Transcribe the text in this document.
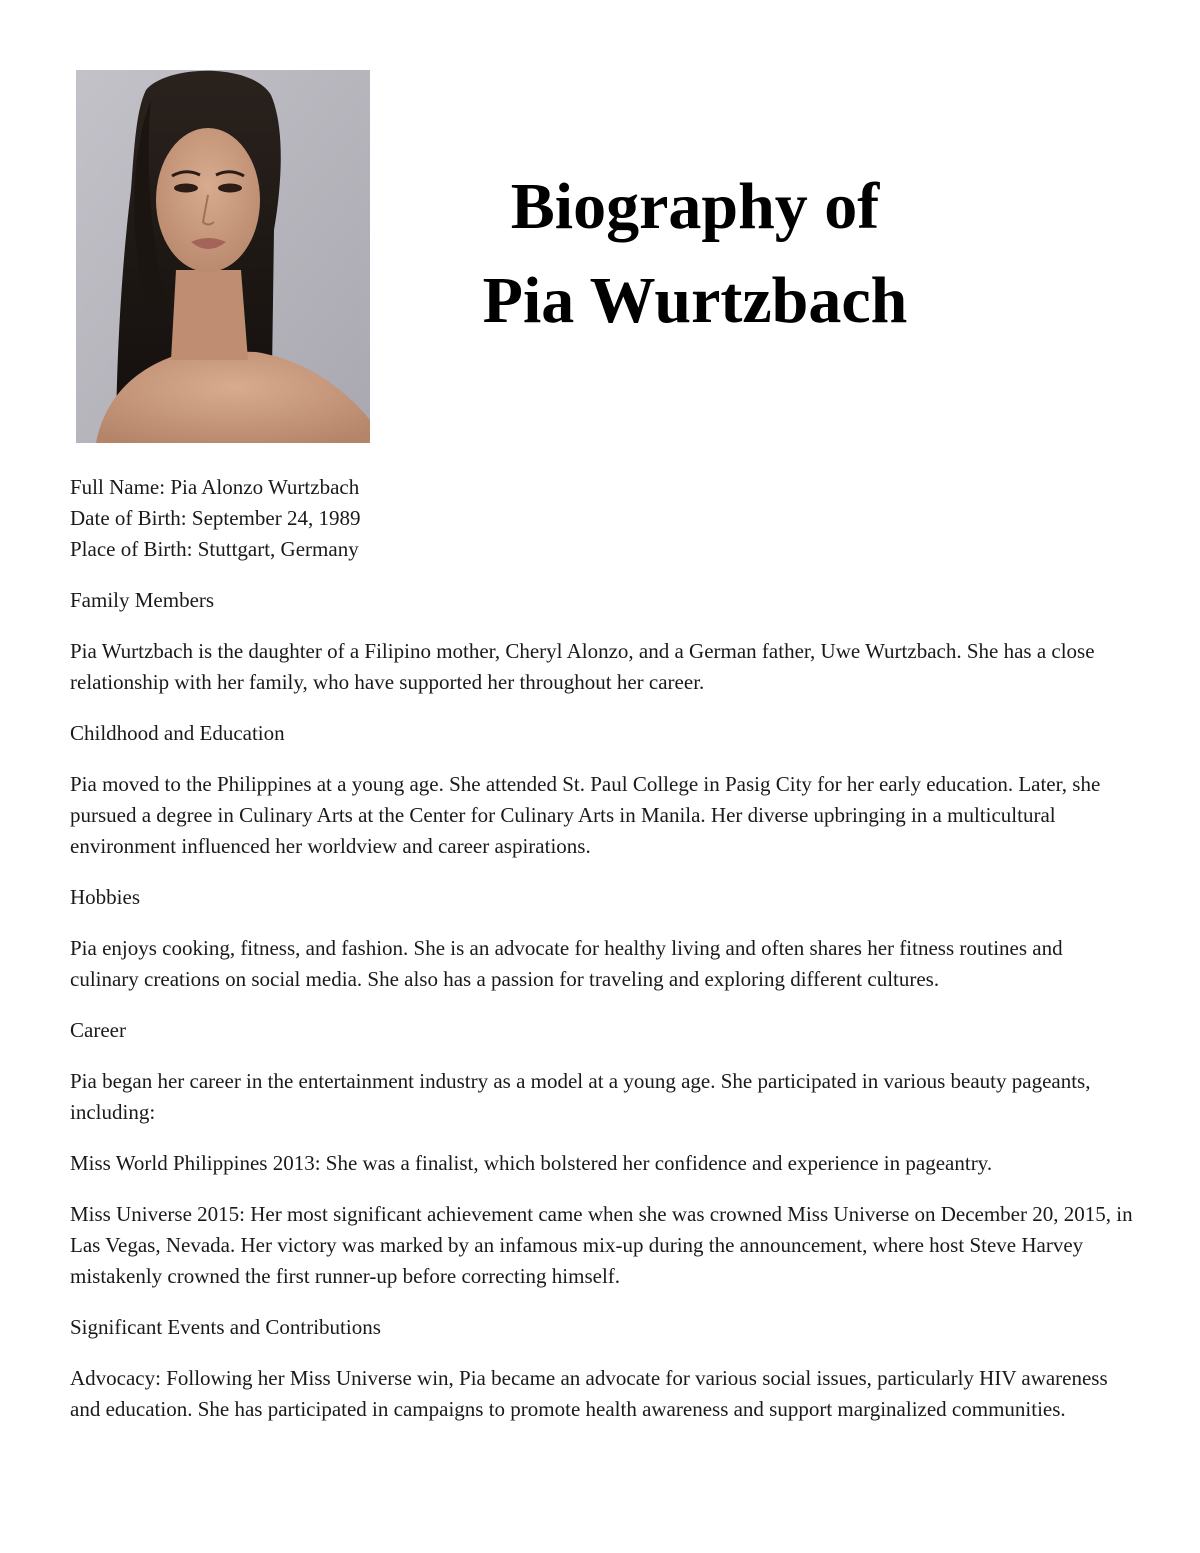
Biography of
Pia Wurtzbach

Full Name: Pia Alonzo Wurtzbach

Date of Birth: September 24, 1989

Place of Birth: Stuttgart, Germany

Family Members

Pia Wurtzbach is the daughter of a Filipino mother, Cheryl Alonzo, and a German father, Uwe Wurtzbach. She has a close relationship with her family, who have supported her throughout her career.

Childhood and Education

Pia moved to the Philippines at a young age. She attended St. Paul College in Pasig City for her early education. Later, she pursued a degree in Culinary Arts at the Center for Culinary Arts in Manila. Her diverse upbringing in a multicultural environment influenced her worldview and career aspirations.

Hobbies

Pia enjoys cooking, fitness, and fashion. She is an advocate for healthy living and often shares her fitness routines and culinary creations on social media. She also has a passion for traveling and exploring different cultures.

Career

Pia began her career in the entertainment industry as a model at a young age. She participated in various beauty pageants, including:

Miss World Philippines 2013: She was a finalist, which bolstered her confidence and experience in pageantry.

Miss Universe 2015: Her most significant achievement came when she was crowned Miss Universe on December 20, 2015, in Las Vegas, Nevada. Her victory was marked by an infamous mix-up during the announcement, where host Steve Harvey mistakenly crowned the first runner-up before correcting himself.

Significant Events and Contributions

Advocacy: Following her Miss Universe win, Pia became an advocate for various social issues, particularly HIV awareness and education. She has participated in campaigns to promote health awareness and support marginalized communities.
